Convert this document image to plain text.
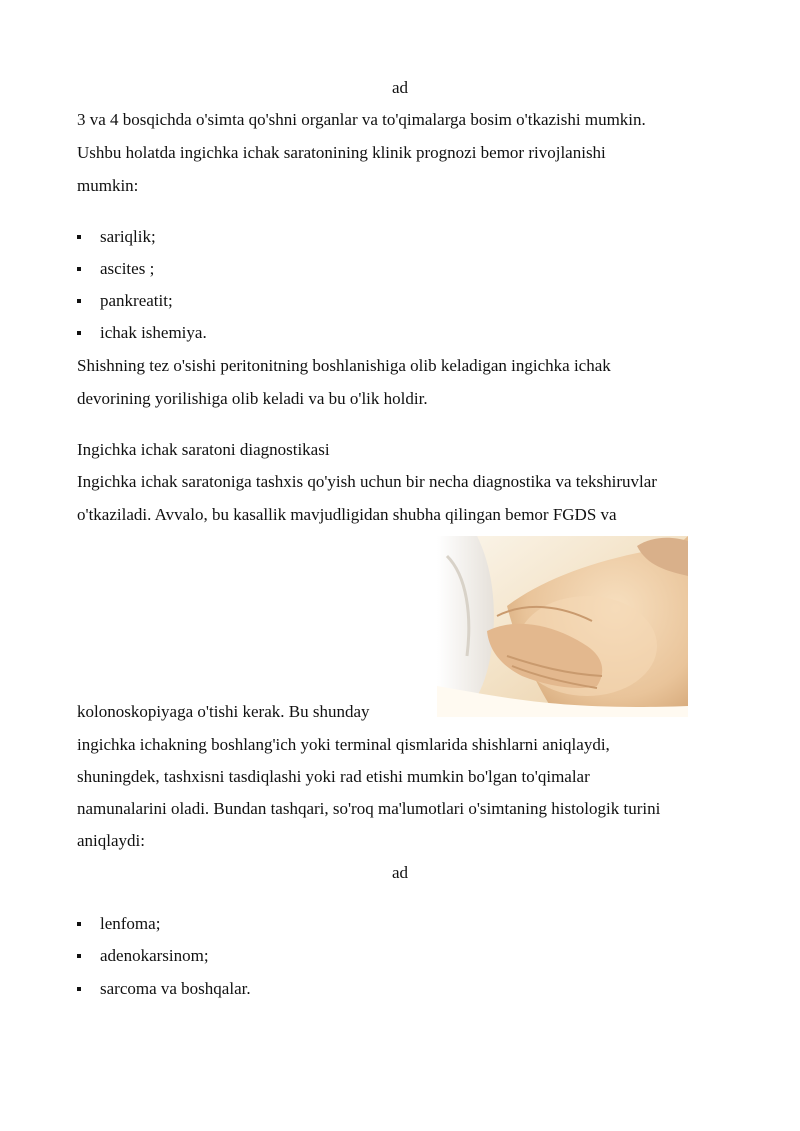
ad
3 va 4 bosqichda o'simta qo'shni organlar va to'qimalarga bosim o'tkazishi mumkin.
Ushbu holatda ingichka ichak saratonining klinik prognozi bemor rivojlanishi
mumkin:
sariqlik;
ascites ;
pankreatit;
ichak ishemiya.
Shishning tez o'sishi peritonitning boshlanishiga olib keladigan ingichka ichak
devorining yorilishiga olib keladi va bu o'lik holdir.
Ingichka ichak saratoni diagnostikasi
Ingichka ichak saratoniga tashxis qo'yish uchun bir necha diagnostika va tekshiruvlar
o'tkaziladi. Avvalo, bu kasallik mavjudligidan shubha qilingan bemor FGDS va
kolonoskopiyaga o'tishi kerak. Bu shunday
ingichka ichakning boshlang'ich yoki terminal qismlarida shishlarni aniqlaydi,
shuningdek, tashxisni tasdiqlashi yoki rad etishi mumkin bo'lgan to'qimalar
namunalarini oladi. Bundan tashqari, so'roq ma'lumotlari o'simtaning histologik turini
aniqlaydi:
ad
lenfoma;
adenokarsinom;
sarcoma va boshqalar.
